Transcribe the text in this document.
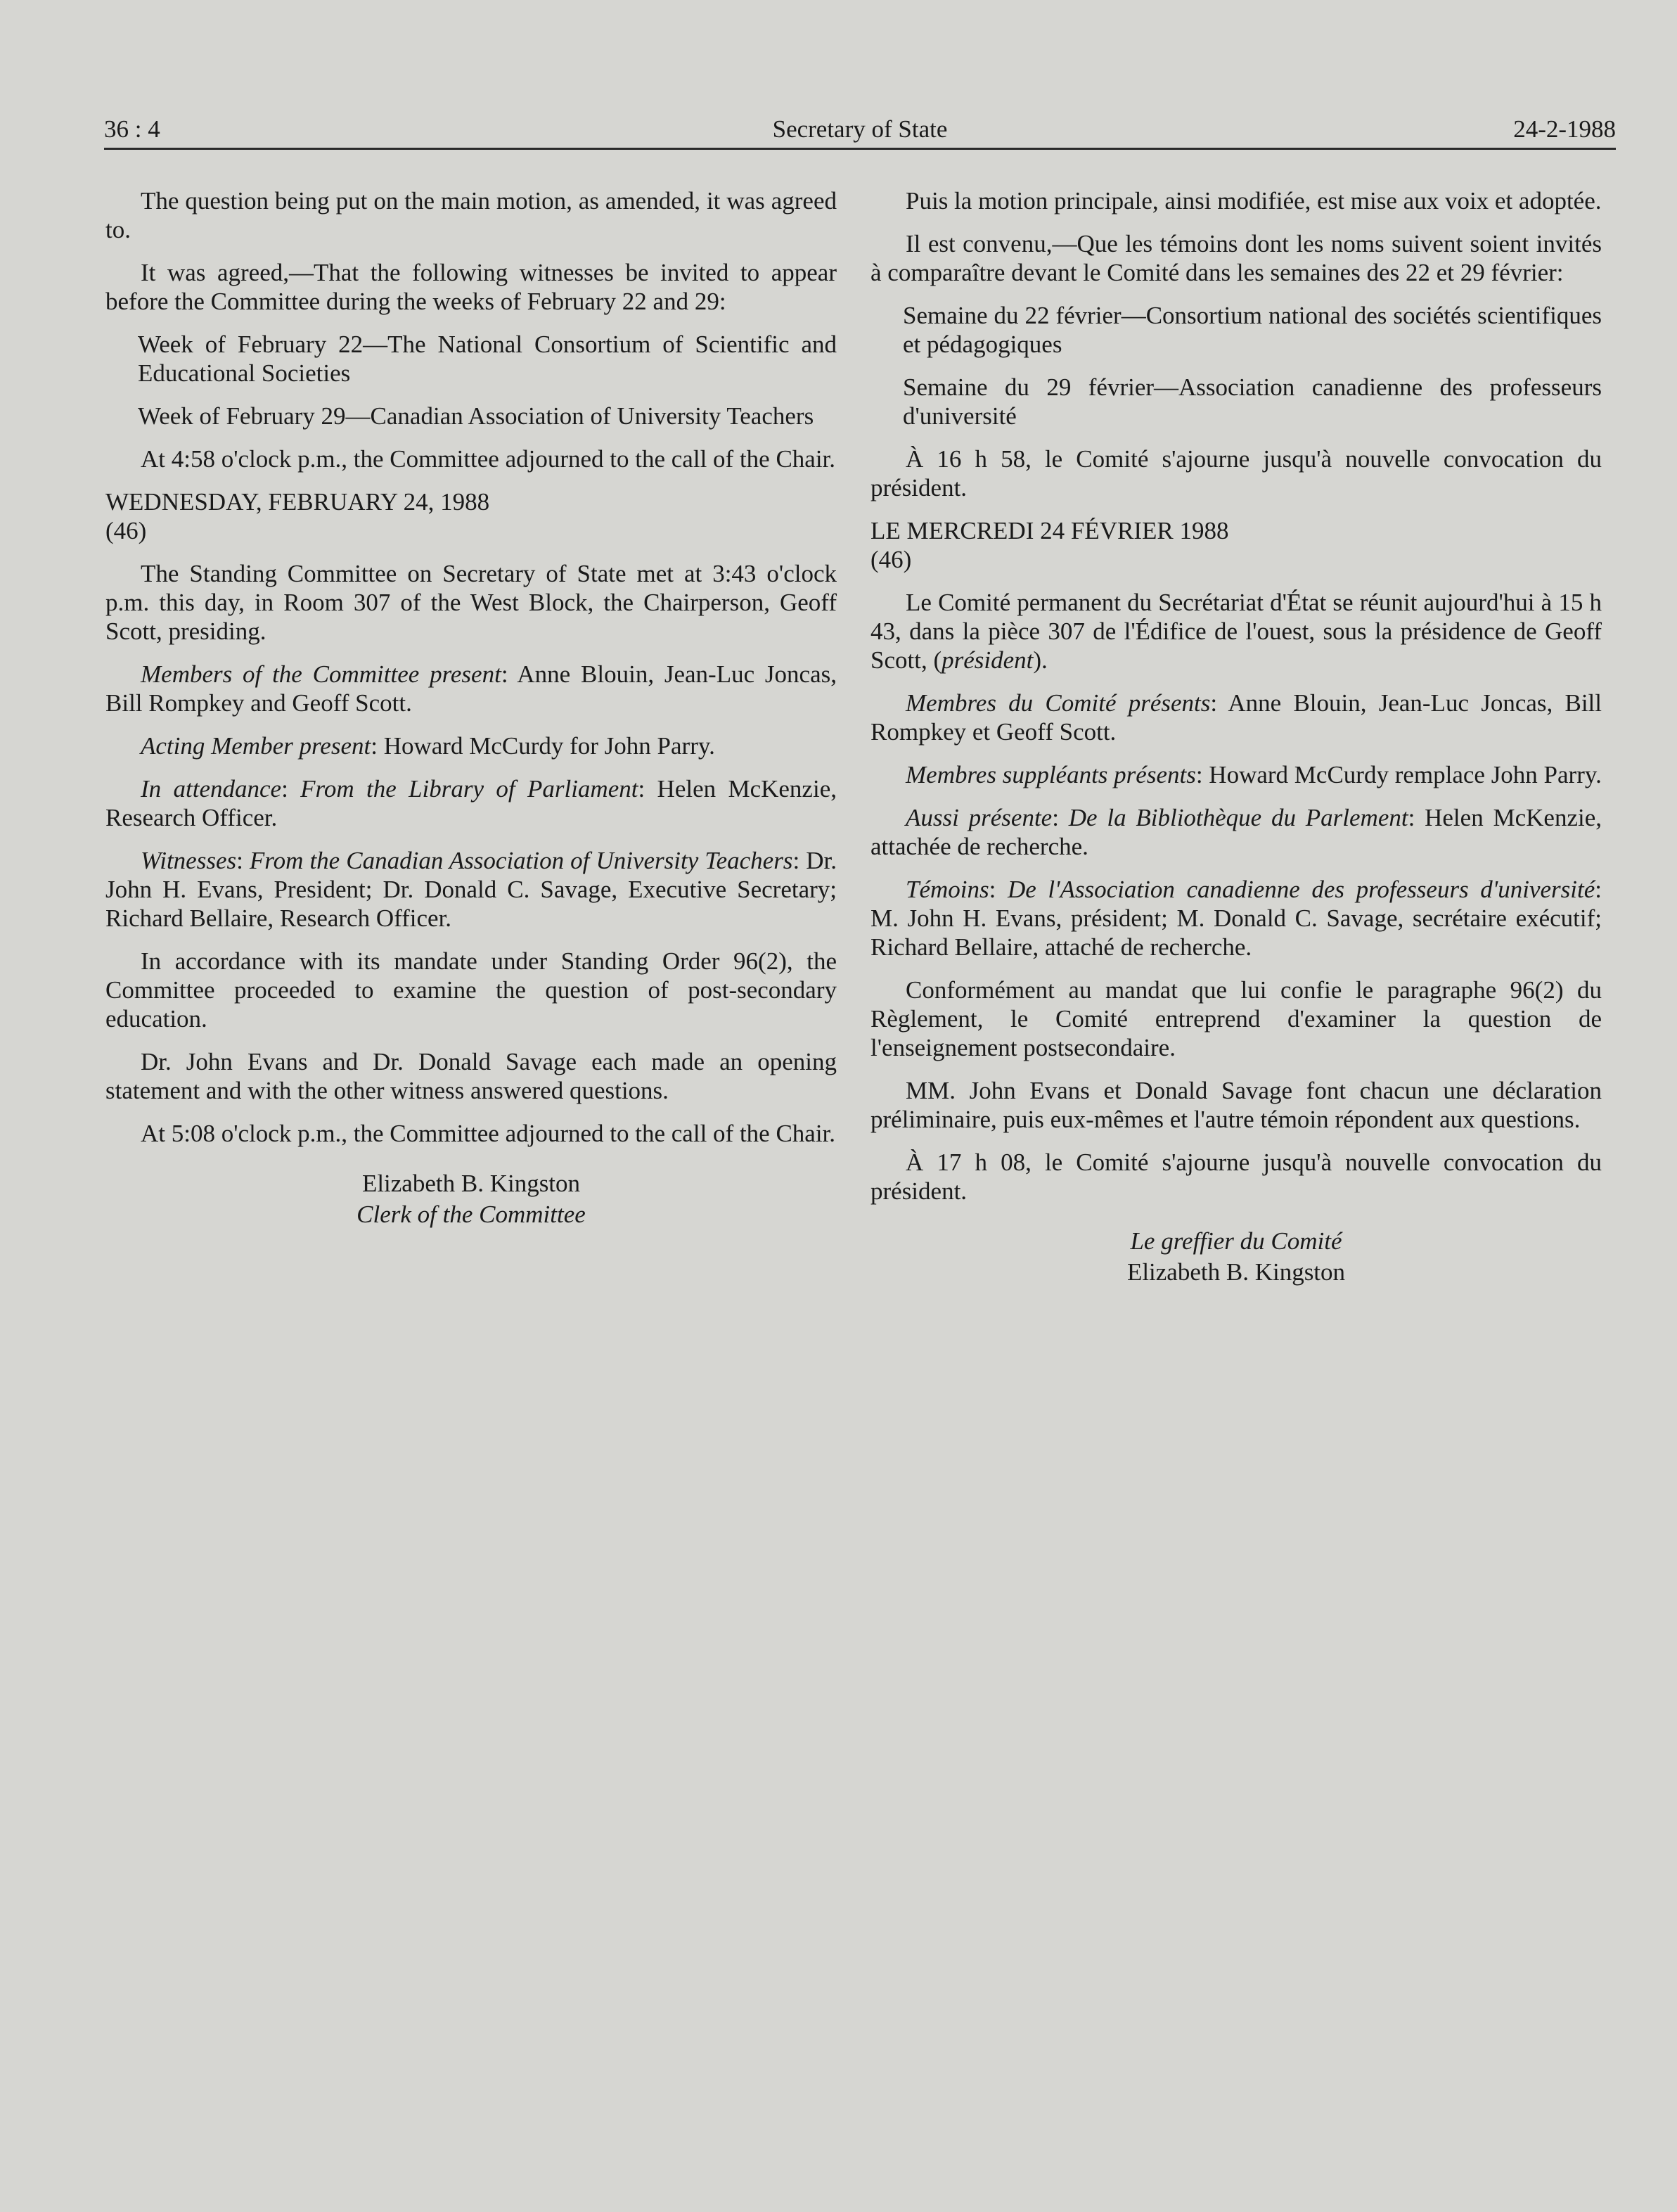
36 : 4	Secretary of State	24-2-1988

The question being put on the main motion, as amended, it was agreed to.

It was agreed,—That the following witnesses be invited to appear before the Committee during the weeks of February 22 and 29:

Week of February 22—The National Consortium of Scientific and Educational Societies

Week of February 29—Canadian Association of University Teachers

At 4:58 o'clock p.m., the Committee adjourned to the call of the Chair.

WEDNESDAY, FEBRUARY 24, 1988

(46)

The Standing Committee on Secretary of State met at 3:43 o'clock p.m. this day, in Room 307 of the West Block, the Chairperson, Geoff Scott, presiding.

Members of the Committee present: Anne Blouin, Jean-Luc Joncas, Bill Rompkey and Geoff Scott.

Acting Member present: Howard McCurdy for John Parry.

In attendance: From the Library of Parliament: Helen McKenzie, Research Officer.

Witnesses: From the Canadian Association of University Teachers: Dr. John H. Evans, President; Dr. Donald C. Savage, Executive Secretary; Richard Bellaire, Research Officer.

In accordance with its mandate under Standing Order 96(2), the Committee proceeded to examine the question of post-secondary education.

Dr. John Evans and Dr. Donald Savage each made an opening statement and with the other witness answered questions.

At 5:08 o'clock p.m., the Committee adjourned to the call of the Chair.

Elizabeth B. Kingston
Clerk of the Committee

Puis la motion principale, ainsi modifiée, est mise aux voix et adoptée.

Il est convenu,—Que les témoins dont les noms suivent soient invités à comparaître devant le Comité dans les semaines des 22 et 29 février:

Semaine du 22 février—Consortium national des sociétés scientifiques et pédagogiques

Semaine du 29 février—Association canadienne des professeurs d'université

À 16 h 58, le Comité s'ajourne jusqu'à nouvelle convocation du président.

LE MERCREDI 24 FÉVRIER 1988

(46)

Le Comité permanent du Secrétariat d'État se réunit aujourd'hui à 15 h 43, dans la pièce 307 de l'Édifice de l'ouest, sous la présidence de Geoff Scott, (président).

Membres du Comité présents: Anne Blouin, Jean-Luc Joncas, Bill Rompkey et Geoff Scott.

Membres suppléants présents: Howard McCurdy remplace John Parry.

Aussi présente: De la Bibliothèque du Parlement: Helen McKenzie, attachée de recherche.

Témoins: De l'Association canadienne des professeurs d'université: M. John H. Evans, président; M. Donald C. Savage, secrétaire exécutif; Richard Bellaire, attaché de recherche.

Conformément au mandat que lui confie le paragraphe 96(2) du Règlement, le Comité entreprend d'examiner la question de l'enseignement postsecondaire.

MM. John Evans et Donald Savage font chacun une déclaration préliminaire, puis eux-mêmes et l'autre témoin répondent aux questions.

À 17 h 08, le Comité s'ajourne jusqu'à nouvelle convocation du président.

Le greffier du Comité
Elizabeth B. Kingston
